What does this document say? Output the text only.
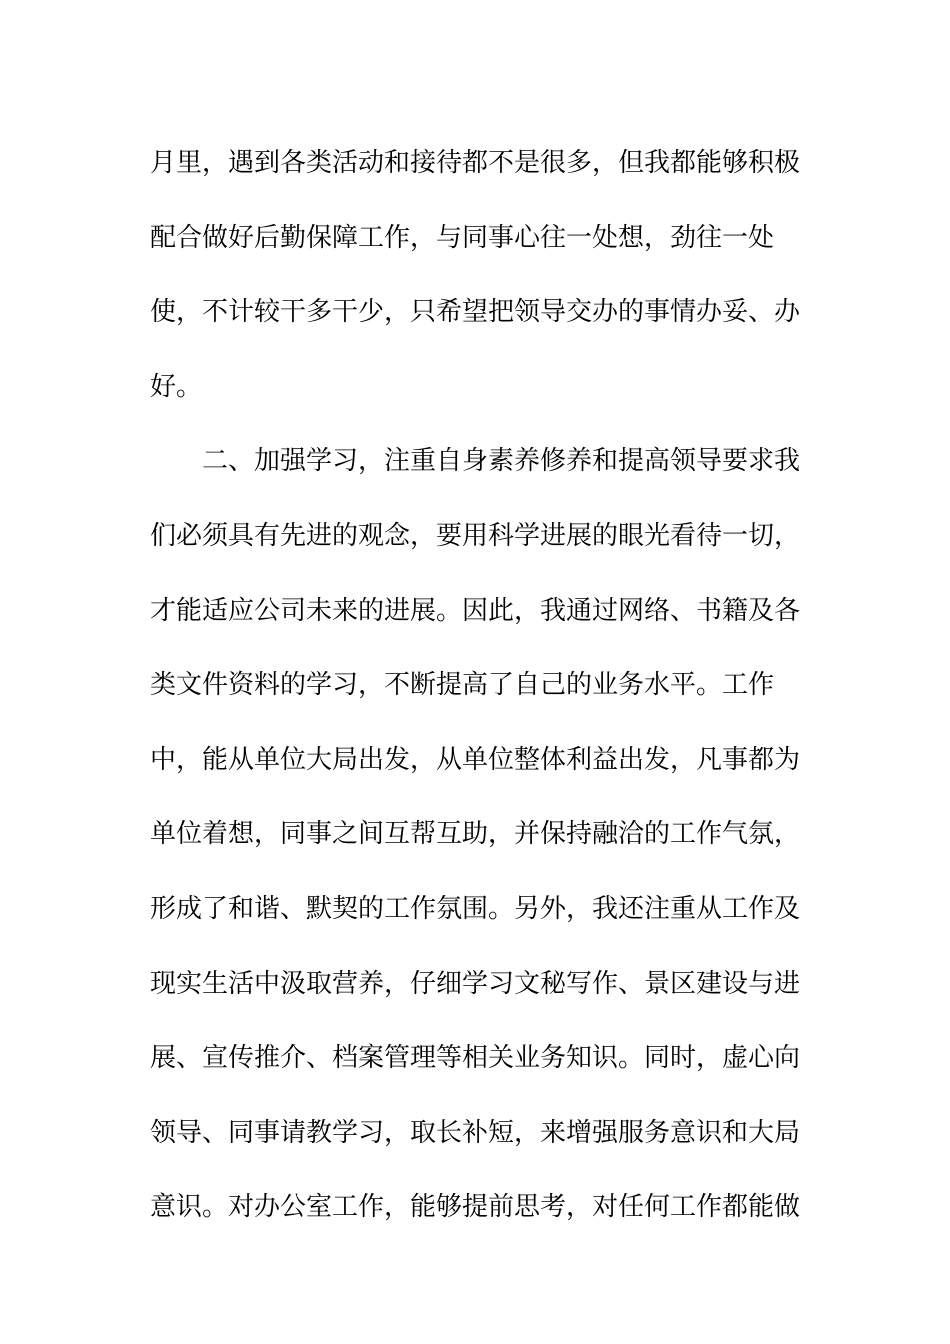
月里，遇到各类活动和接待都不是很多，但我都能够积极
配合做好后勤保障工作，与同事心往一处想，劲往一处
使，不计较干多干少，只希望把领导交办的事情办妥、办
好。
二、加强学习，注重自身素养修养和提高领导要求我
们必须具有先进的观念，要用科学进展的眼光看待一切，
才能适应公司未来的进展。因此，我通过网络、书籍及各
类文件资料的学习，不断提高了自己的业务水平。工作
中，能从单位大局出发，从单位整体利益出发，凡事都为
单位着想，同事之间互帮互助，并保持融洽的工作气氛，
形成了和谐、默契的工作氛围。另外，我还注重从工作及
现实生活中汲取营养，仔细学习文秘写作、景区建设与进
展、宣传推介、档案管理等相关业务知识。同时，虚心向
领导、同事请教学习，取长补短，来增强服务意识和大局
意识。对办公室工作，能够提前思考，对任何工作都能做
